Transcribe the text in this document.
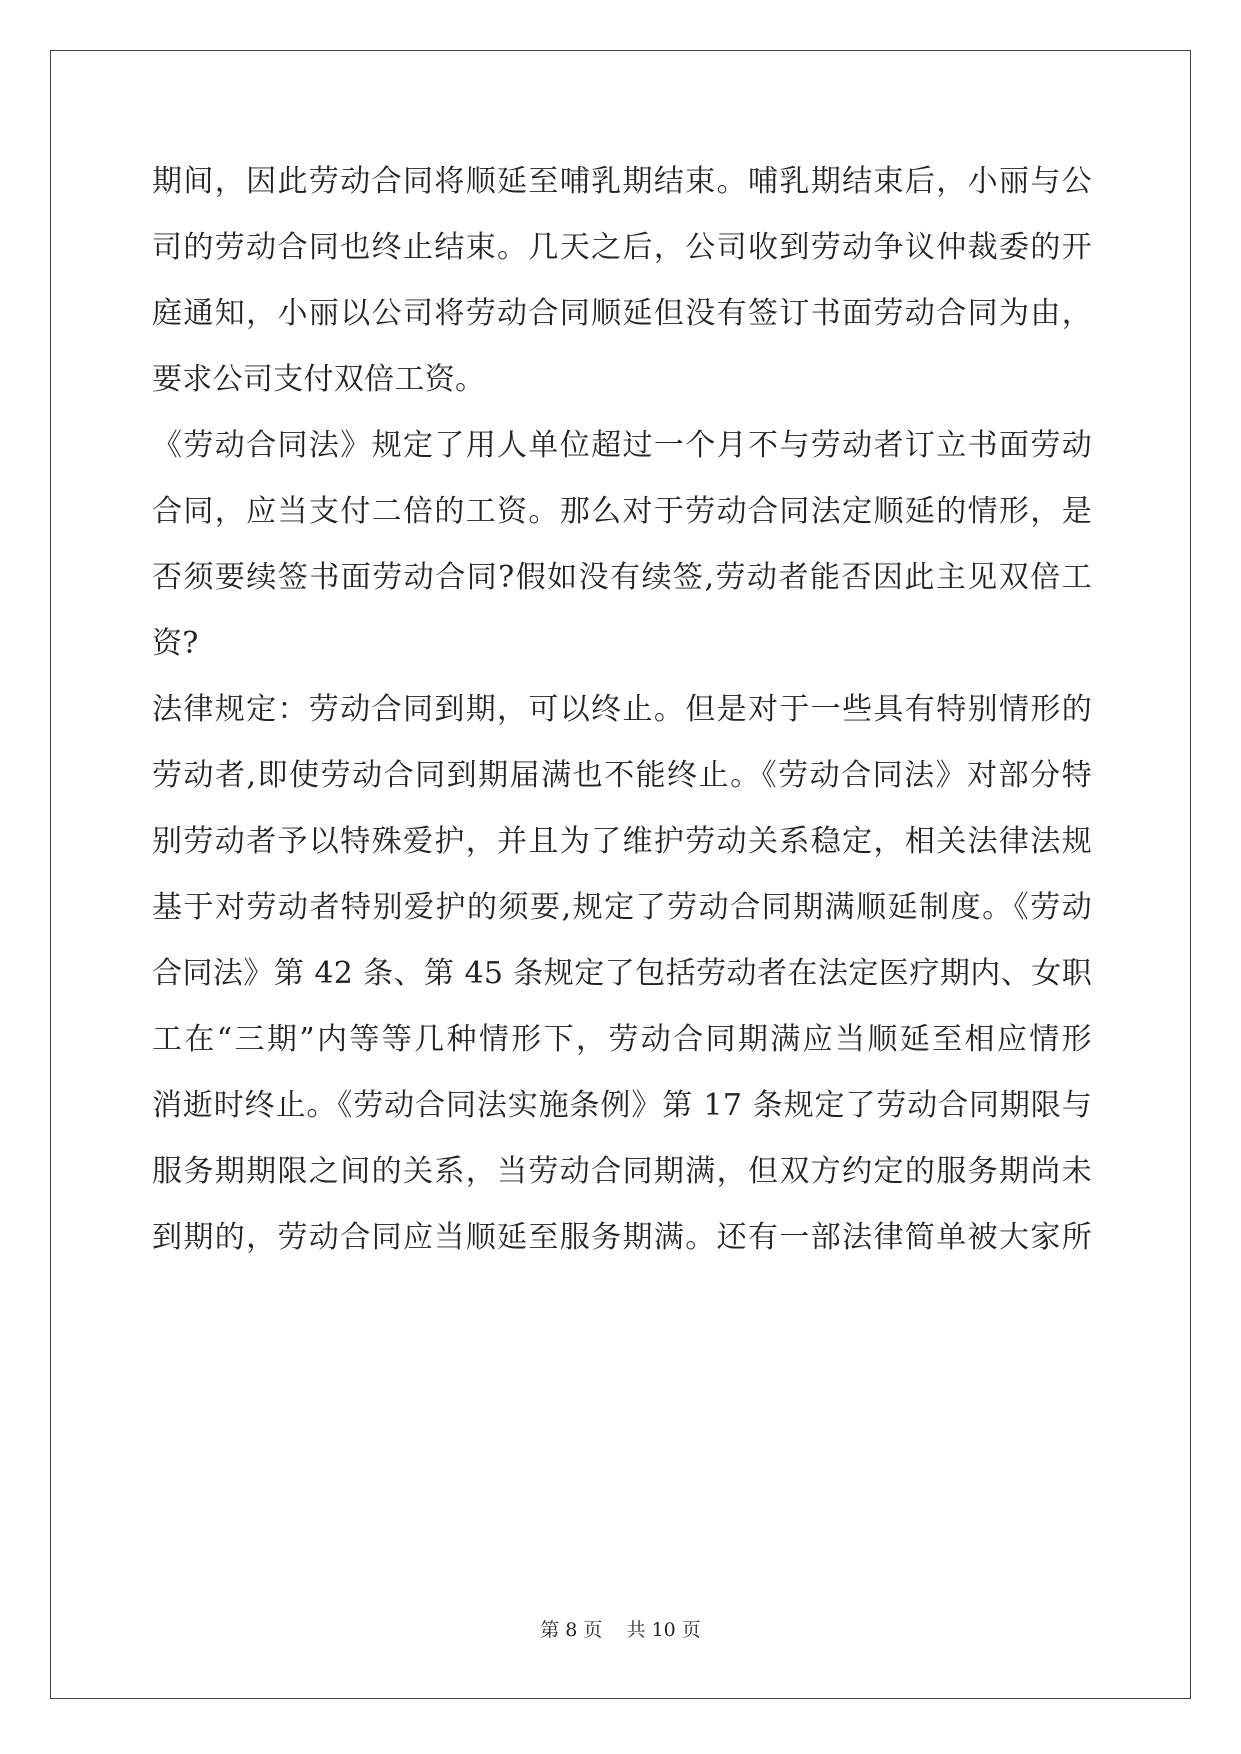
期间，因此劳动合同将顺延至哺乳期结束。哺乳期结束后，小丽与公
司的劳动合同也终止结束。几天之后，公司收到劳动争议仲裁委的开
庭通知，小丽以公司将劳动合同顺延但没有签订书面劳动合同为由，
要求公司支付双倍工资。
《劳动合同法》规定了用人单位超过一个月不与劳动者订立书面劳动
合同，应当支付二倍的工资。那么对于劳动合同法定顺延的情形，是
否须要续签书面劳动合同?假如没有续签,劳动者能否因此主见双倍工
资?
法律规定：劳动合同到期，可以终止。但是对于一些具有特别情形的
劳动者,即使劳动合同到期届满也不能终止。《劳动合同法》对部分特
别劳动者予以特殊爱护，并且为了维护劳动关系稳定，相关法律法规
基于对劳动者特别爱护的须要,规定了劳动合同期满顺延制度。《劳动
合同法》第 42 条、第 45 条规定了包括劳动者在法定医疗期内、女职
工在“三期”内等等几种情形下，劳动合同期满应当顺延至相应情形
消逝时终止。《劳动合同法实施条例》第 17 条规定了劳动合同期限与
服务期期限之间的关系，当劳动合同期满，但双方约定的服务期尚未
到期的，劳动合同应当顺延至服务期满。还有一部法律简单被大家所
第 8 页    共 10 页
